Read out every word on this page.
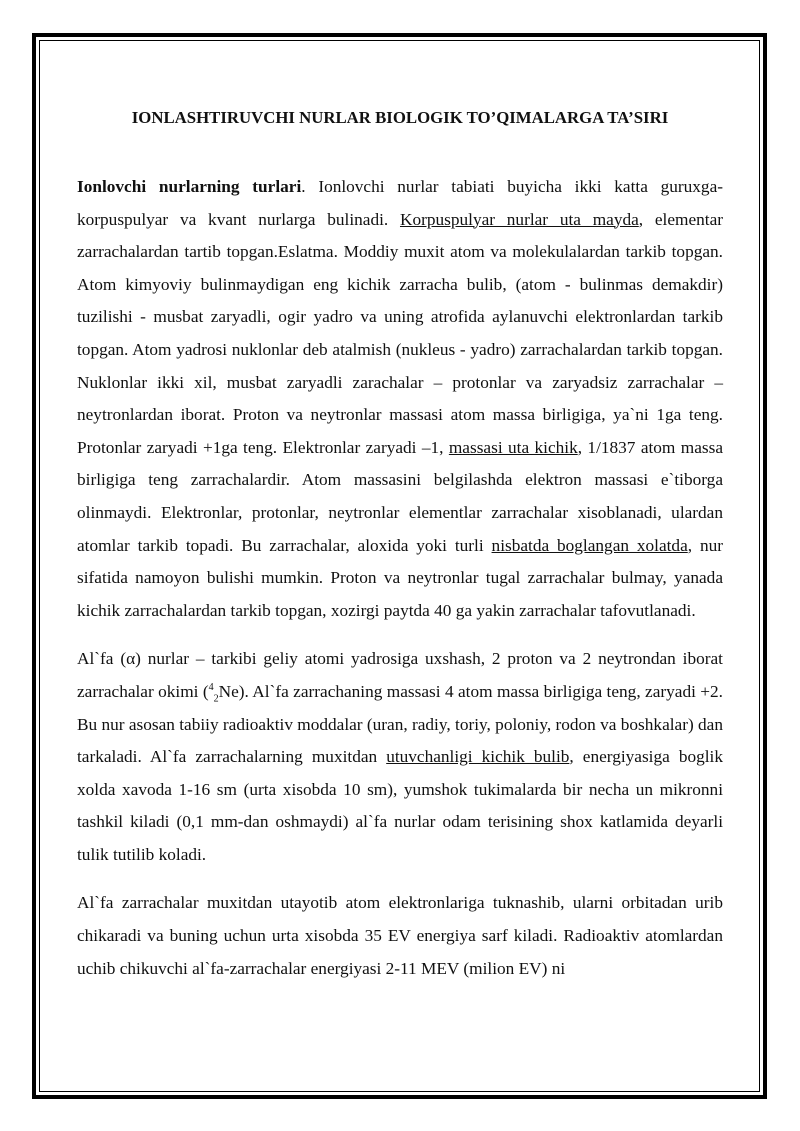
IONLASHTIRUVCHI NURLAR BIOLOGIK TO’QIMALARGA TA’SIRI

Ionlovchi nurlarning turlari. Ionlovchi nurlar tabiati buyicha ikki katta guruxga-korpuspulyar va kvant nurlarga bulinadi. Korpuspulyar nurlar uta mayda, elementar zarrachalardan tartib topgan.Eslatma. Moddiy muxit atom va molekulalardan tarkib topgan. Atom kimyoviy bulinmaydigan eng kichik zarracha bulib, (atom - bulinmas demakdir) tuzilishi - musbat zaryadli, ogir yadro va uning atrofida aylanuvchi elektronlardan tarkib topgan. Atom yadrosi nuklonlar deb atalmish (nukleus - yadro) zarrachalardan tarkib topgan. Nuklonlar ikki xil, musbat zaryadli zarachalar – protonlar va zaryadsiz zarrachalar –neytronlardan iborat. Proton va neytronlar massasi atom massa birligiga, ya`ni 1ga teng. Protonlar zaryadi +1ga teng. Elektronlar zaryadi –1, massasi uta kichik, 1/1837 atom massa birligiga teng zarrachalardir. Atom massasini belgilashda elektron massasi e`tiborga olinmaydi. Elektronlar, protonlar, neytronlar elementlar zarrachalar xisoblanadi, ulardan atomlar tarkib topadi. Bu zarrachalar, aloxida yoki turli nisbatda boglangan xolatda, nur sifatida namoyon bulishi mumkin. Proton va neytronlar tugal zarrachalar bulmay, yanada kichik zarrachalardan tarkib topgan, xozirgi paytda 40 ga yakin zarrachalar tafovutlanadi.

Al`fa (α) nurlar – tarkibi geliy atomi yadrosiga uxshash, 2 proton va 2 neytrondan iborat zarrachalar okimi ($^4_2$Ne). Al`fa zarrachaning massasi 4 atom massa birligiga teng, zaryadi +2. Bu nur asosan tabiiy radioaktiv moddalar (uran, radiy, toriy, poloniy, rodon va boshkalar) dan tarkaladi. Al`fa zarrachalarning muxitdan utuvchanligi kichik bulib, energiyasiga boglik xolda xavoda 1-16 sm (urta xisobda 10 sm), yumshok tukimalarda bir necha un mikronni tashkil kiladi (0,1 mm-dan oshmaydi) al`fa nurlar odam terisining shox katlamida deyarli tulik tutilib koladi.

Al`fa zarrachalar muxitdan utayotib atom elektronlariga tuknashib, ularni orbitadan urib chikaradi va buning uchun urta xisobda 35 EV energiya sarf kiladi. Radioaktiv atomlardan uchib chikuvchi al`fa-zarrachalar energiyasi 2-11 MEV (milion EV) ni
